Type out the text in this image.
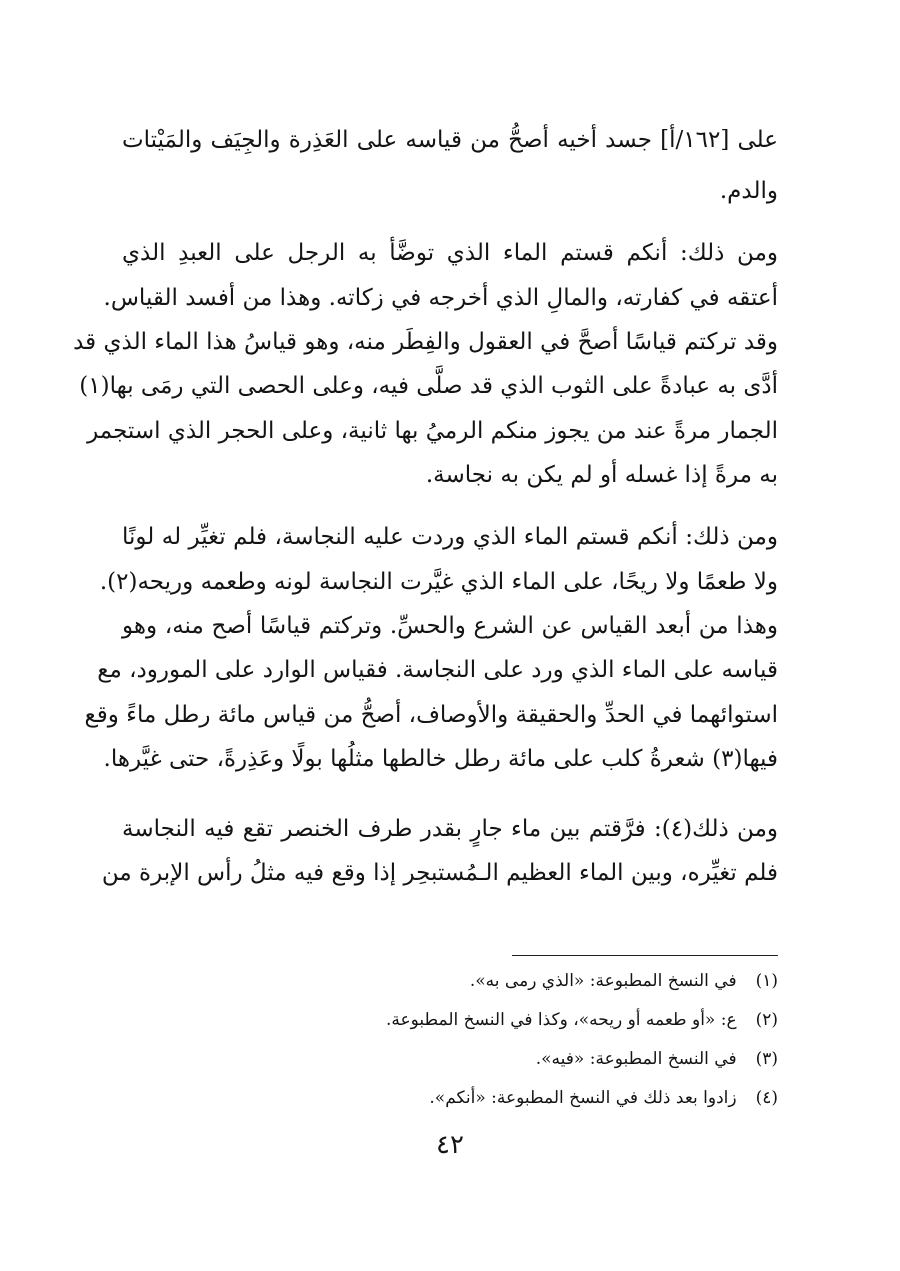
على [١٦٢/أ] جسد أخيه أصحُّ من قياسه على العَذِرة والجِيَف والمَيْتات
والدم.
ومن ذلك: أنكم قستم الماء الذي توضَّأ به الرجل على العبدِ الذي
أعتقه في كفارته، والمالِ الذي أخرجه في زكاته. وهذا من أفسد القياس.
وقد تركتم قياسًا أصحَّ في العقول والفِطَر منه، وهو قياسُ هذا الماء الذي قد
أدَّى به عبادةً على الثوب الذي قد صلَّى فيه، وعلى الحصى التي رمَى بها(١)
الجمار مرةً عند من يجوز منكم الرميُ بها ثانية، وعلى الحجر الذي استجمر
به مرةً إذا غسله أو لم يكن به نجاسة.
ومن ذلك: أنكم قستم الماء الذي وردت عليه النجاسة، فلم تغيِّر له لونًا
ولا طعمًا ولا ريحًا، على الماء الذي غيَّرت النجاسة لونه وطعمه وريحه(٢).
وهذا من أبعد القياس عن الشرع والحسِّ. وتركتم قياسًا أصح منه، وهو
قياسه على الماء الذي ورد على النجاسة. فقياس الوارد على المورود، مع
استوائهما في الحدِّ والحقيقة والأوصاف، أصحُّ من قياس مائة رطل ماءً وقع
فيها(٣) شعرةُ كلب على مائة رطل خالطها مثلُها بولًا وعَذِرةً، حتى غيَّرها.
ومن ذلك(٤): فرَّقتم بين ماء جارٍ بقدر طرف الخنصر تقع فيه النجاسة
فلم تغيِّره، وبين الماء العظيم الـمُستبحِر إذا وقع فيه مثلُ رأس الإبرة من
(١) في النسخ المطبوعة: «الذي رمى به».
(٢) ع: «أو طعمه أو ريحه»، وكذا في النسخ المطبوعة.
(٣) في النسخ المطبوعة: «فيه».
(٤) زادوا بعد ذلك في النسخ المطبوعة: «أنكم».
٤٢
